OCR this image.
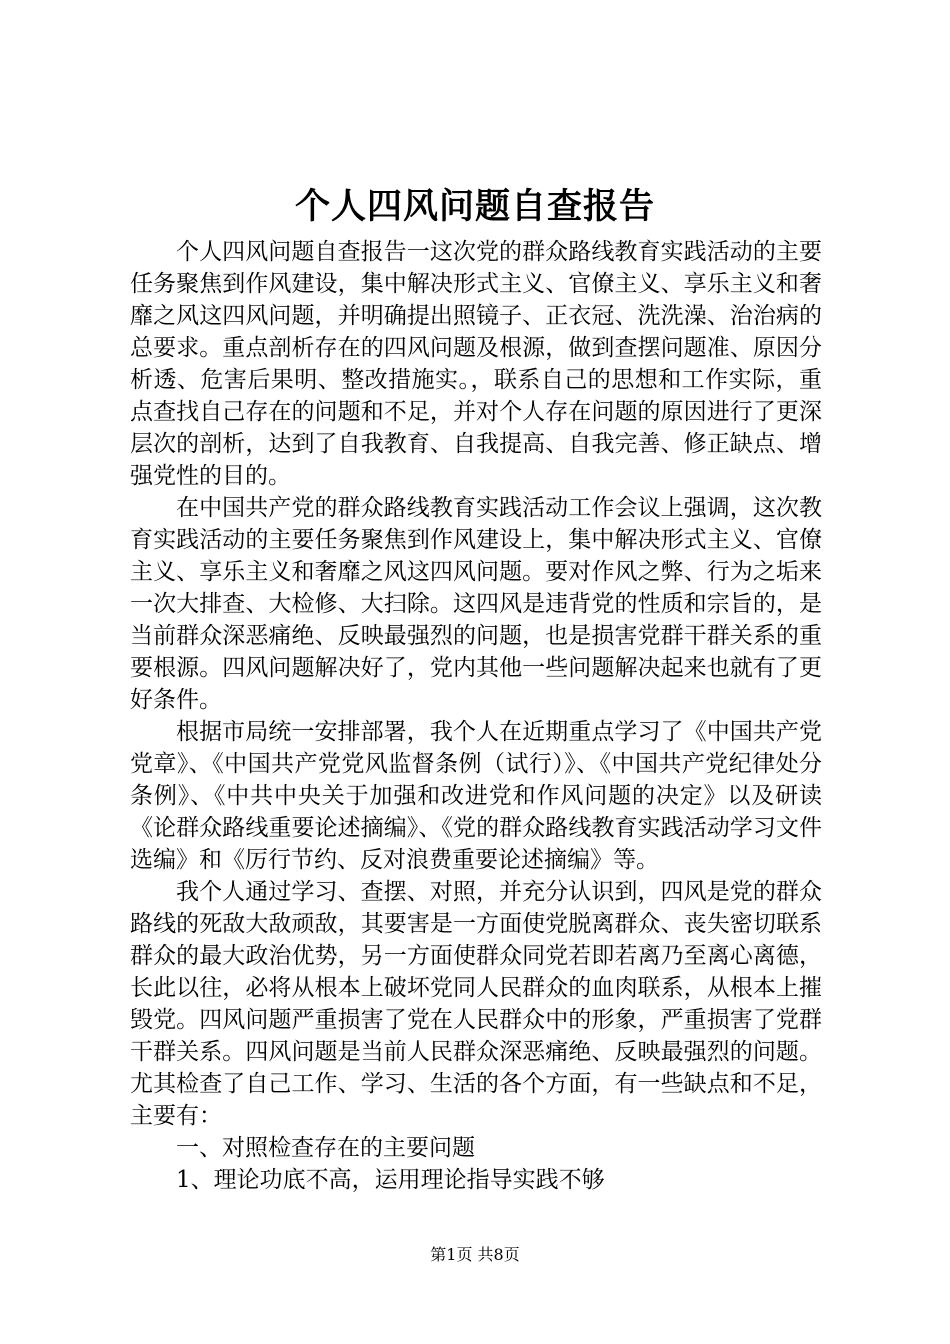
个人四风问题自查报告

个人四风问题自查报告一这次党的群众路线教育实践活动的主要任务聚焦到作风建设，集中解决形式主义、官僚主义、享乐主义和奢靡之风这四风问题，并明确提出照镜子、正衣冠、洗洗澡、治治病的总要求。重点剖析存在的四风问题及根源，做到查摆问题准、原因分析透、危害后果明、整改措施实。，联系自己的思想和工作实际，重点查找自己存在的问题和不足，并对个人存在问题的原因进行了更深层次的剖析，达到了自我教育、自我提高、自我完善、修正缺点、增强党性的目的。

在中国共产党的群众路线教育实践活动工作会议上强调，这次教育实践活动的主要任务聚焦到作风建设上，集中解决形式主义、官僚主义、享乐主义和奢靡之风这四风问题。要对作风之弊、行为之垢来一次大排查、大检修、大扫除。这四风是违背党的性质和宗旨的，是当前群众深恶痛绝、反映最强烈的问题，也是损害党群干群关系的重要根源。四风问题解决好了，党内其他一些问题解决起来也就有了更好条件。

根据市局统一安排部署，我个人在近期重点学习了《中国共产党党章》、《中国共产党党风监督条例（试行）》、《中国共产党纪律处分条例》、《中共中央关于加强和改进党和作风问题的决定》以及研读《论群众路线重要论述摘编》、《党的群众路线教育实践活动学习文件选编》和《厉行节约、反对浪费重要论述摘编》等。

我个人通过学习、查摆、对照，并充分认识到，四风是党的群众路线的死敌大敌顽敌，其要害是一方面使党脱离群众、丧失密切联系群众的最大政治优势，另一方面使群众同党若即若离乃至离心离德，长此以往，必将从根本上破坏党同人民群众的血肉联系，从根本上摧毁党。四风问题严重损害了党在人民群众中的形象，严重损害了党群干群关系。四风问题是当前人民群众深恶痛绝、反映最强烈的问题。尤其检查了自己工作、学习、生活的各个方面，有一些缺点和不足，主要有：

一、对照检查存在的主要问题

1、理论功底不高，运用理论指导实践不够

第1页 共8页
